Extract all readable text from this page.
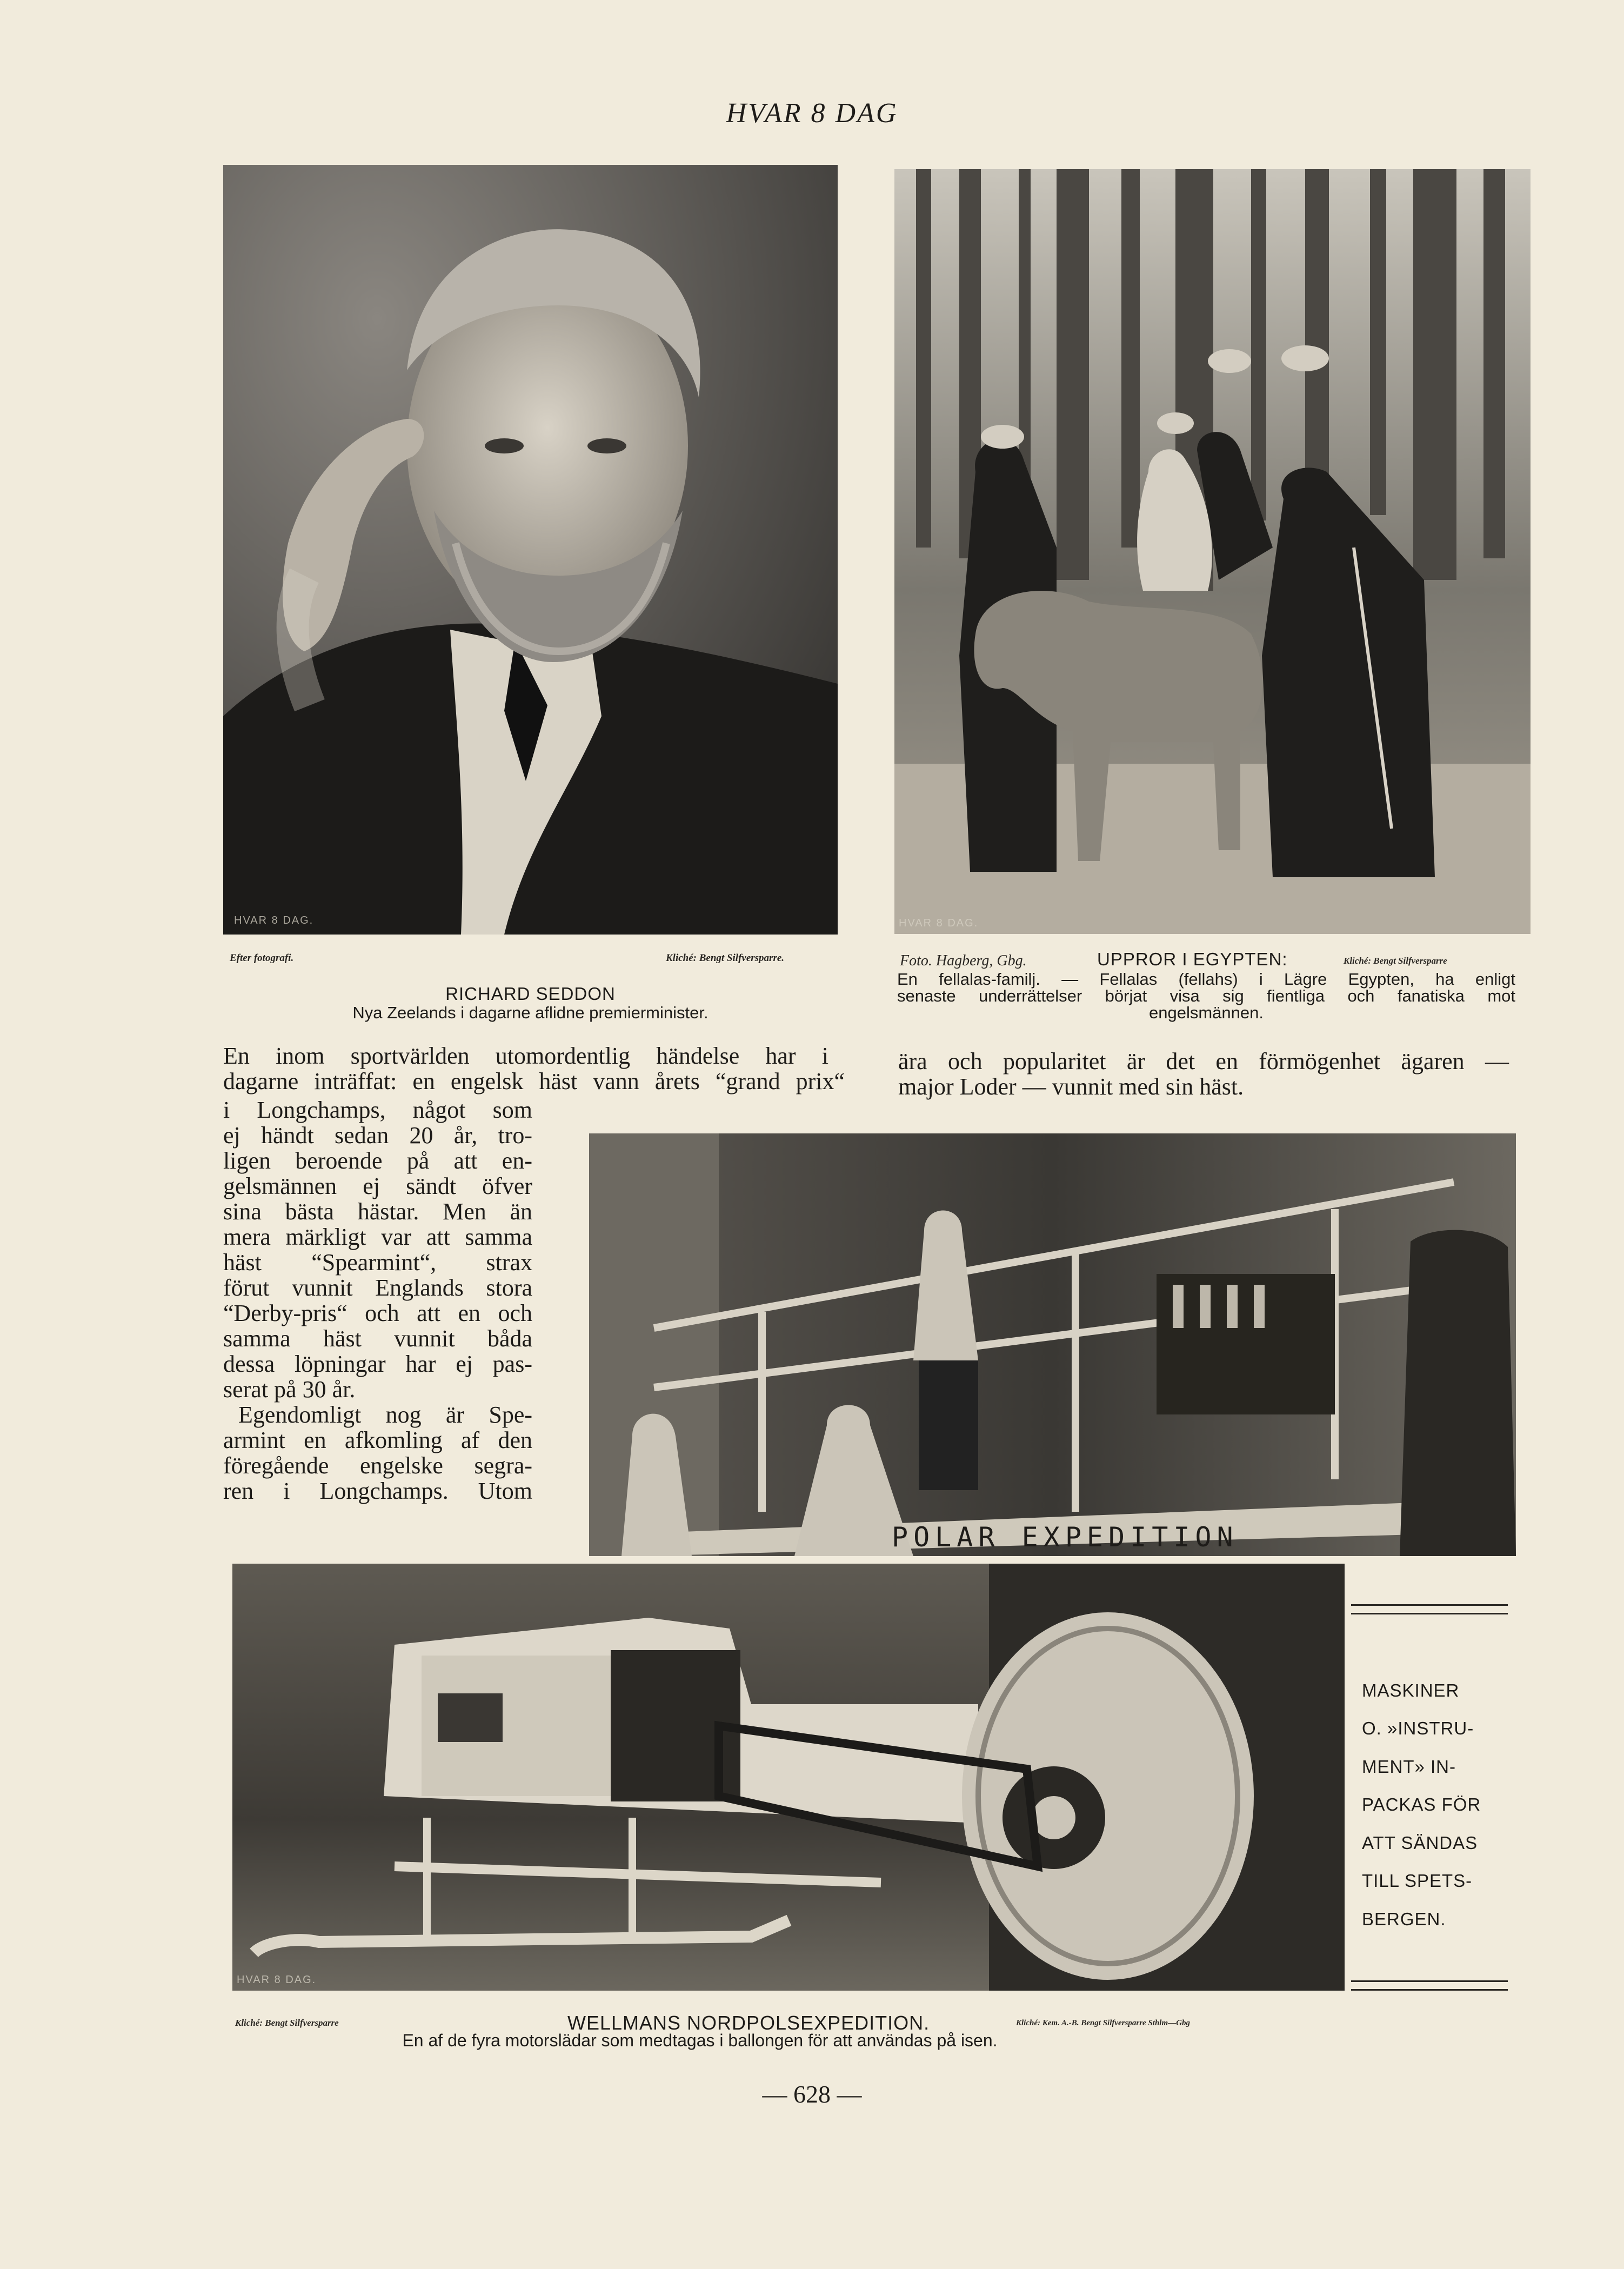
HVAR 8 DAG
HVAR 8 DAG.
Efter fotografi.	Kliché: Bengt Silfversparre.
RICHARD SEDDON
Nya Zeelands i dagarne aflidne premierminister.
HVAR 8 DAG.
Foto. Hagberg, Gbg.	UPPROR I EGYPTEN:	Kliché: Bengt Silfversparre
En fellalas-familj. — Fellalas (fellahs) i Lägre Egypten, ha enligt
senaste underrättelser börjat visa sig fientliga och fanatiska mot
engelsmännen.
En inom sportvärlden utomordentlig händelse har i
dagarne inträffat: en engelsk häst vann årets “grand prix“
ära och popularitet är det en förmögenhet ägaren —
major Loder — vunnit med sin häst.
i Longchamps, något som
ej händt sedan 20 år, tro-
ligen beroende på att en-
gelsmännen ej sändt öfver
sina bästa hästar. Men än
mera märkligt var att samma
häst “Spearmint“, strax
förut vunnit Englands stora
“Derby-pris“ och att en och
samma häst vunnit båda
dessa löpningar har ej pas-
serat på 30 år.
Egendomligt nog är Spe-
armint en afkomling af den
föregående engelske segra-
ren i Longchamps. Utom
POLAR EXPEDITION
HVAR 8 DAG.
MASKINER
O. »INSTRU-
MENT» IN-
PACKAS FÖR
ATT SÄNDAS
TILL SPETS-
BERGEN.
Kliché: Bengt Silfversparre	WELLMANS NORDPOLSEXPEDITION.	Kliché: Kem. A.-B. Bengt Silfversparre Sthlm—Gbg
En af de fyra motorslädar som medtagas i ballongen för att användas på isen.
— 628 —
